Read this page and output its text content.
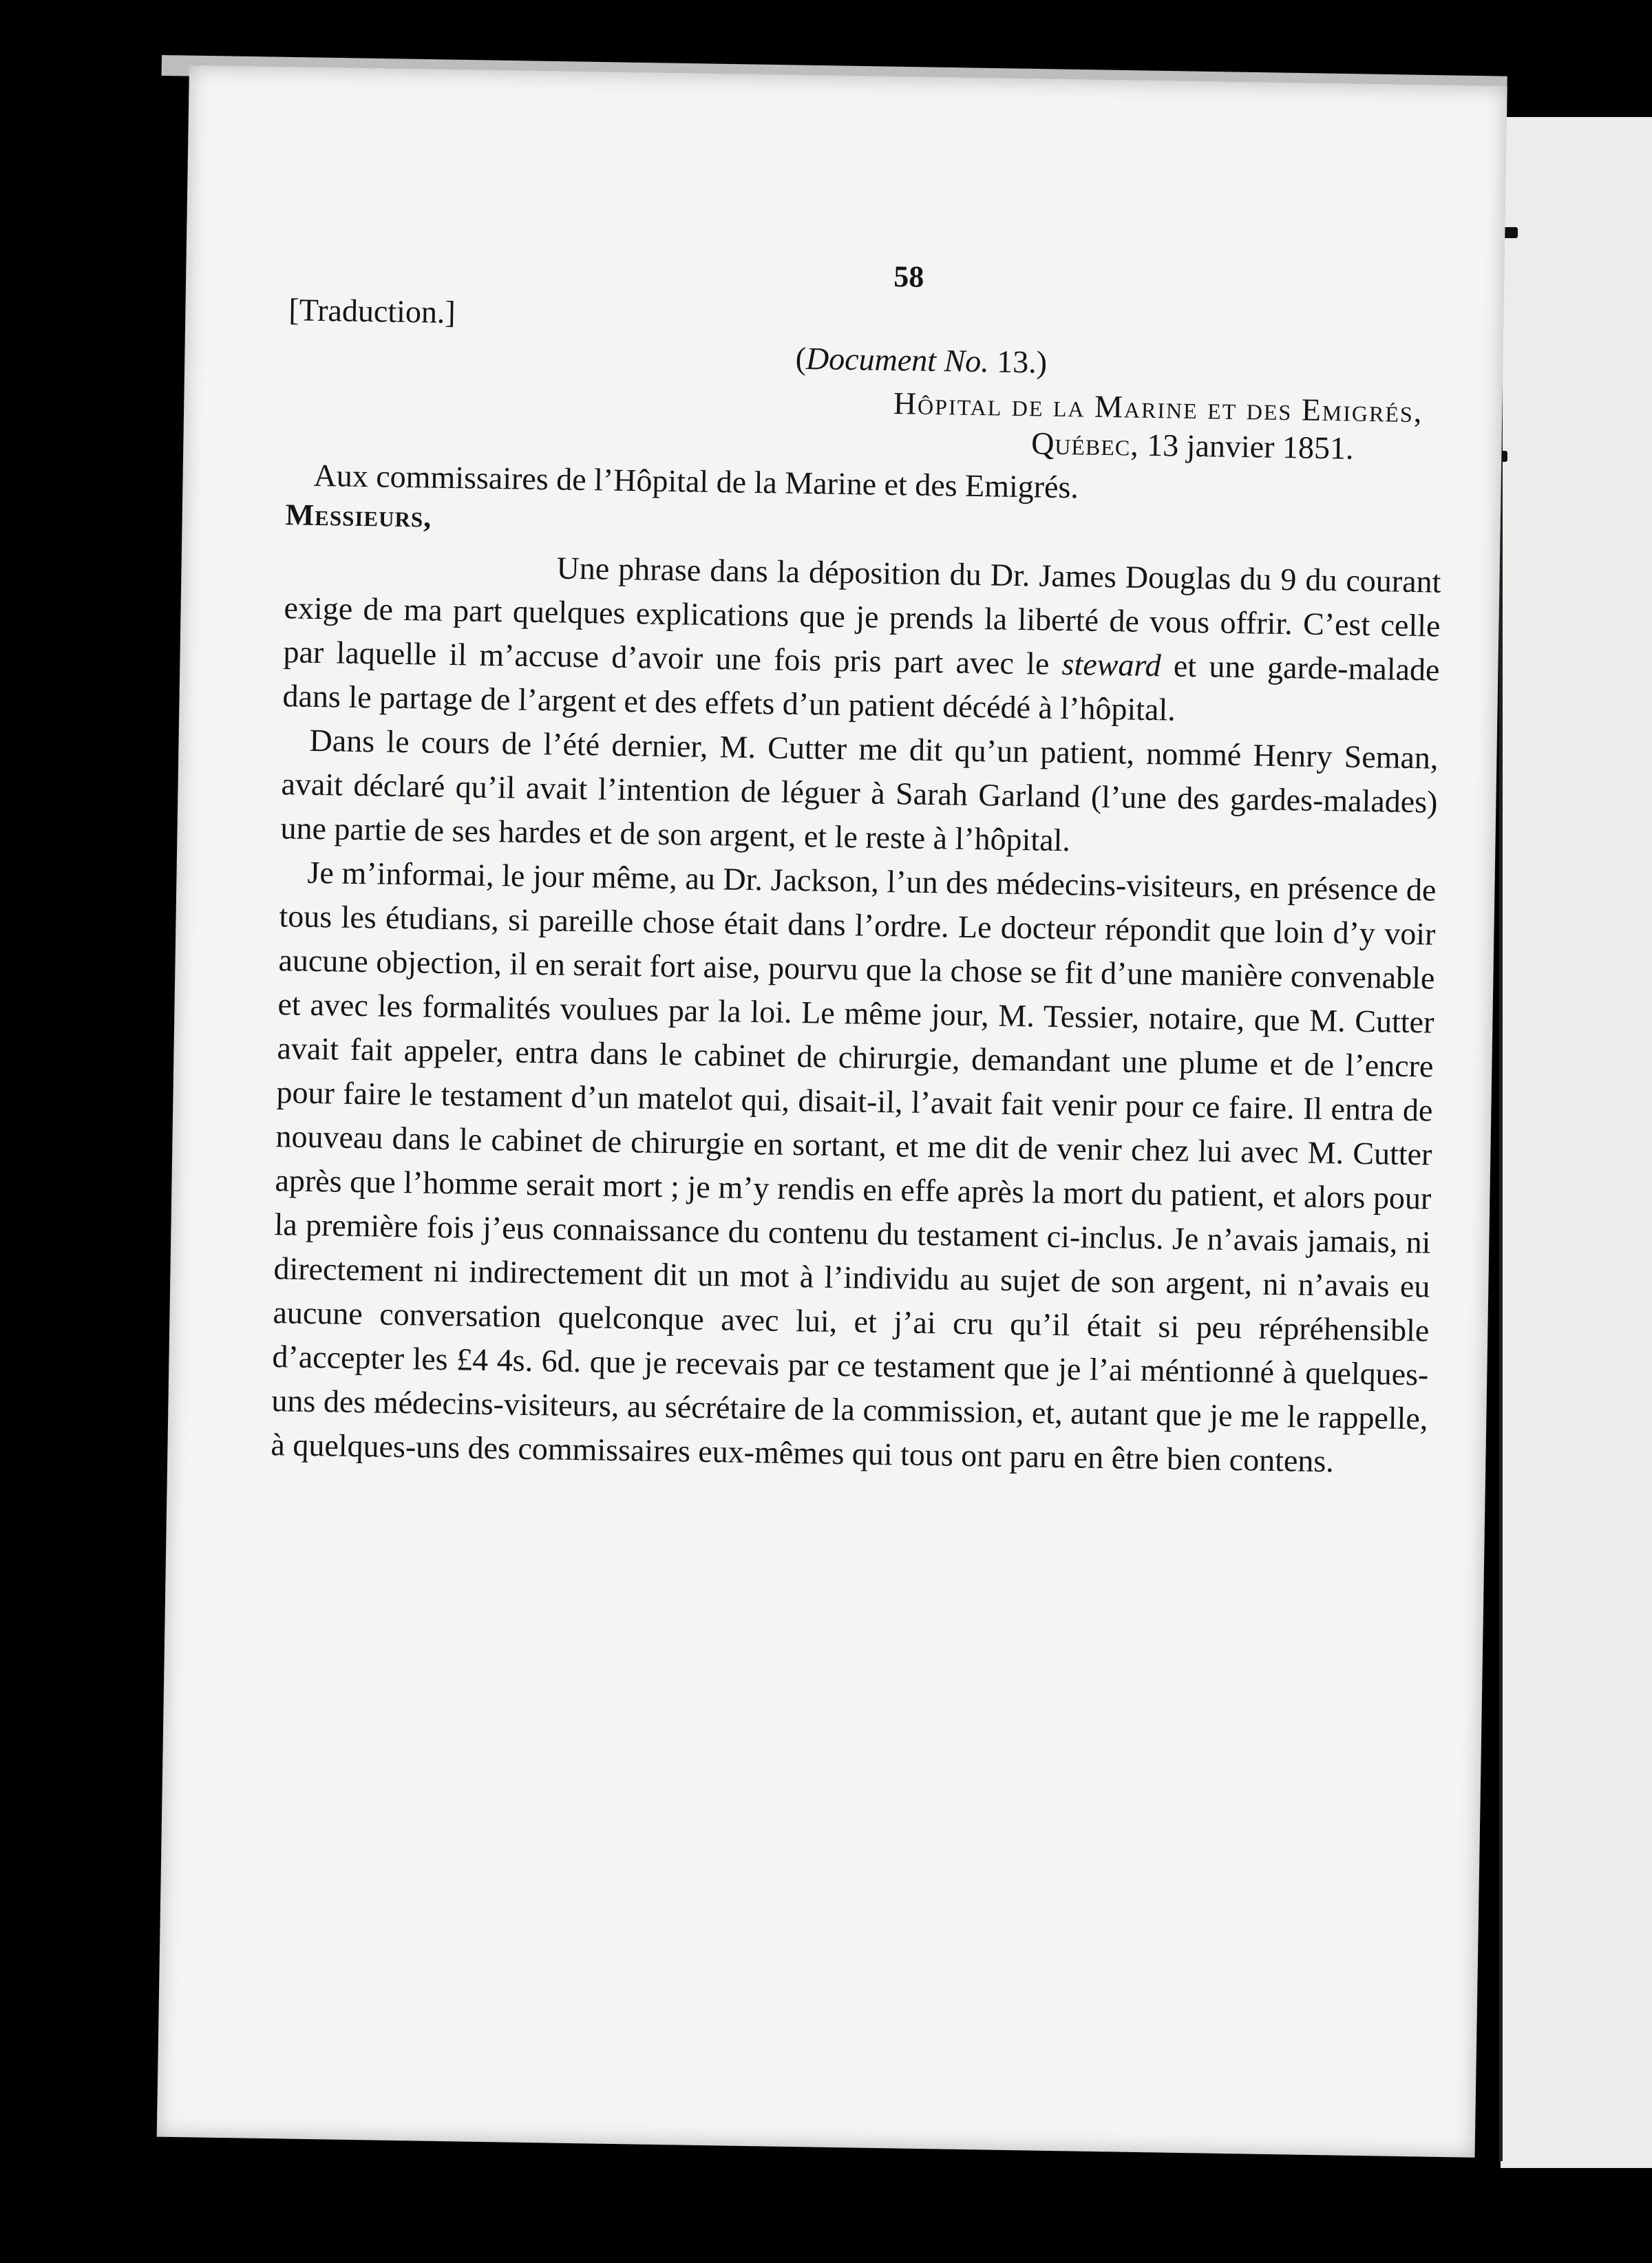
58

[Traduction.]

(Document No. 13.)

Hôpital de la Marine et des Emigrés,

Québec, 13 janvier 1851.

Aux commissaires de l’Hôpital de la Marine et des Emigrés.

Messieurs,

Une phrase dans la déposition du Dr. James Douglas du 9 du courant exige de ma part quelques explications que je prends la liberté de vous offrir. C’est celle par laquelle il m’accuse d’avoir une fois pris part avec le steward et une garde-malade dans le partage de l’argent et des effets d’un patient décédé à l’hôpital.

Dans le cours de l’été dernier, M. Cutter me dit qu’un patient, nommé Henry Seman, avait déclaré qu’il avait l’intention de léguer à Sarah Garland (l’une des gardes-malades) une partie de ses hardes et de son argent, et le reste à l’hôpital.

Je m’informai, le jour même, au Dr. Jackson, l’un des médecins-visiteurs, en présence de tous les étudians, si pareille chose était dans l’ordre. Le docteur répondit que loin d’y voir aucune objection, il en serait fort aise, pourvu que la chose se fit d’une manière convenable et avec les formalités voulues par la loi. Le même jour, M. Tessier, notaire, que M. Cutter avait fait appeler, entra dans le cabinet de chirurgie, demandant une plume et de l’encre pour faire le testament d’un matelot qui, disait-il, l’avait fait venir pour ce faire. Il entra de nouveau dans le cabinet de chirurgie en sortant, et me dit de venir chez lui avec M. Cutter après que l’homme serait mort ; je m’y rendis en effe après la mort du patient, et alors pour la première fois j’eus connaissance du contenu du testament ci-inclus. Je n’avais jamais, ni directement ni indirectement dit un mot à l’individu au sujet de son argent, ni n’avais eu aucune conversation quelconque avec lui, et j’ai cru qu’il était si peu répréhensible d’accepter les £4 4s. 6d. que je recevais par ce testament que je l’ai méntionné à quelques-uns des médecins-visiteurs, au sécrétaire de la commission, et, autant que je me le rappelle, à quelques-uns des commissaires eux-mêmes qui tous ont paru en être bien contens.
